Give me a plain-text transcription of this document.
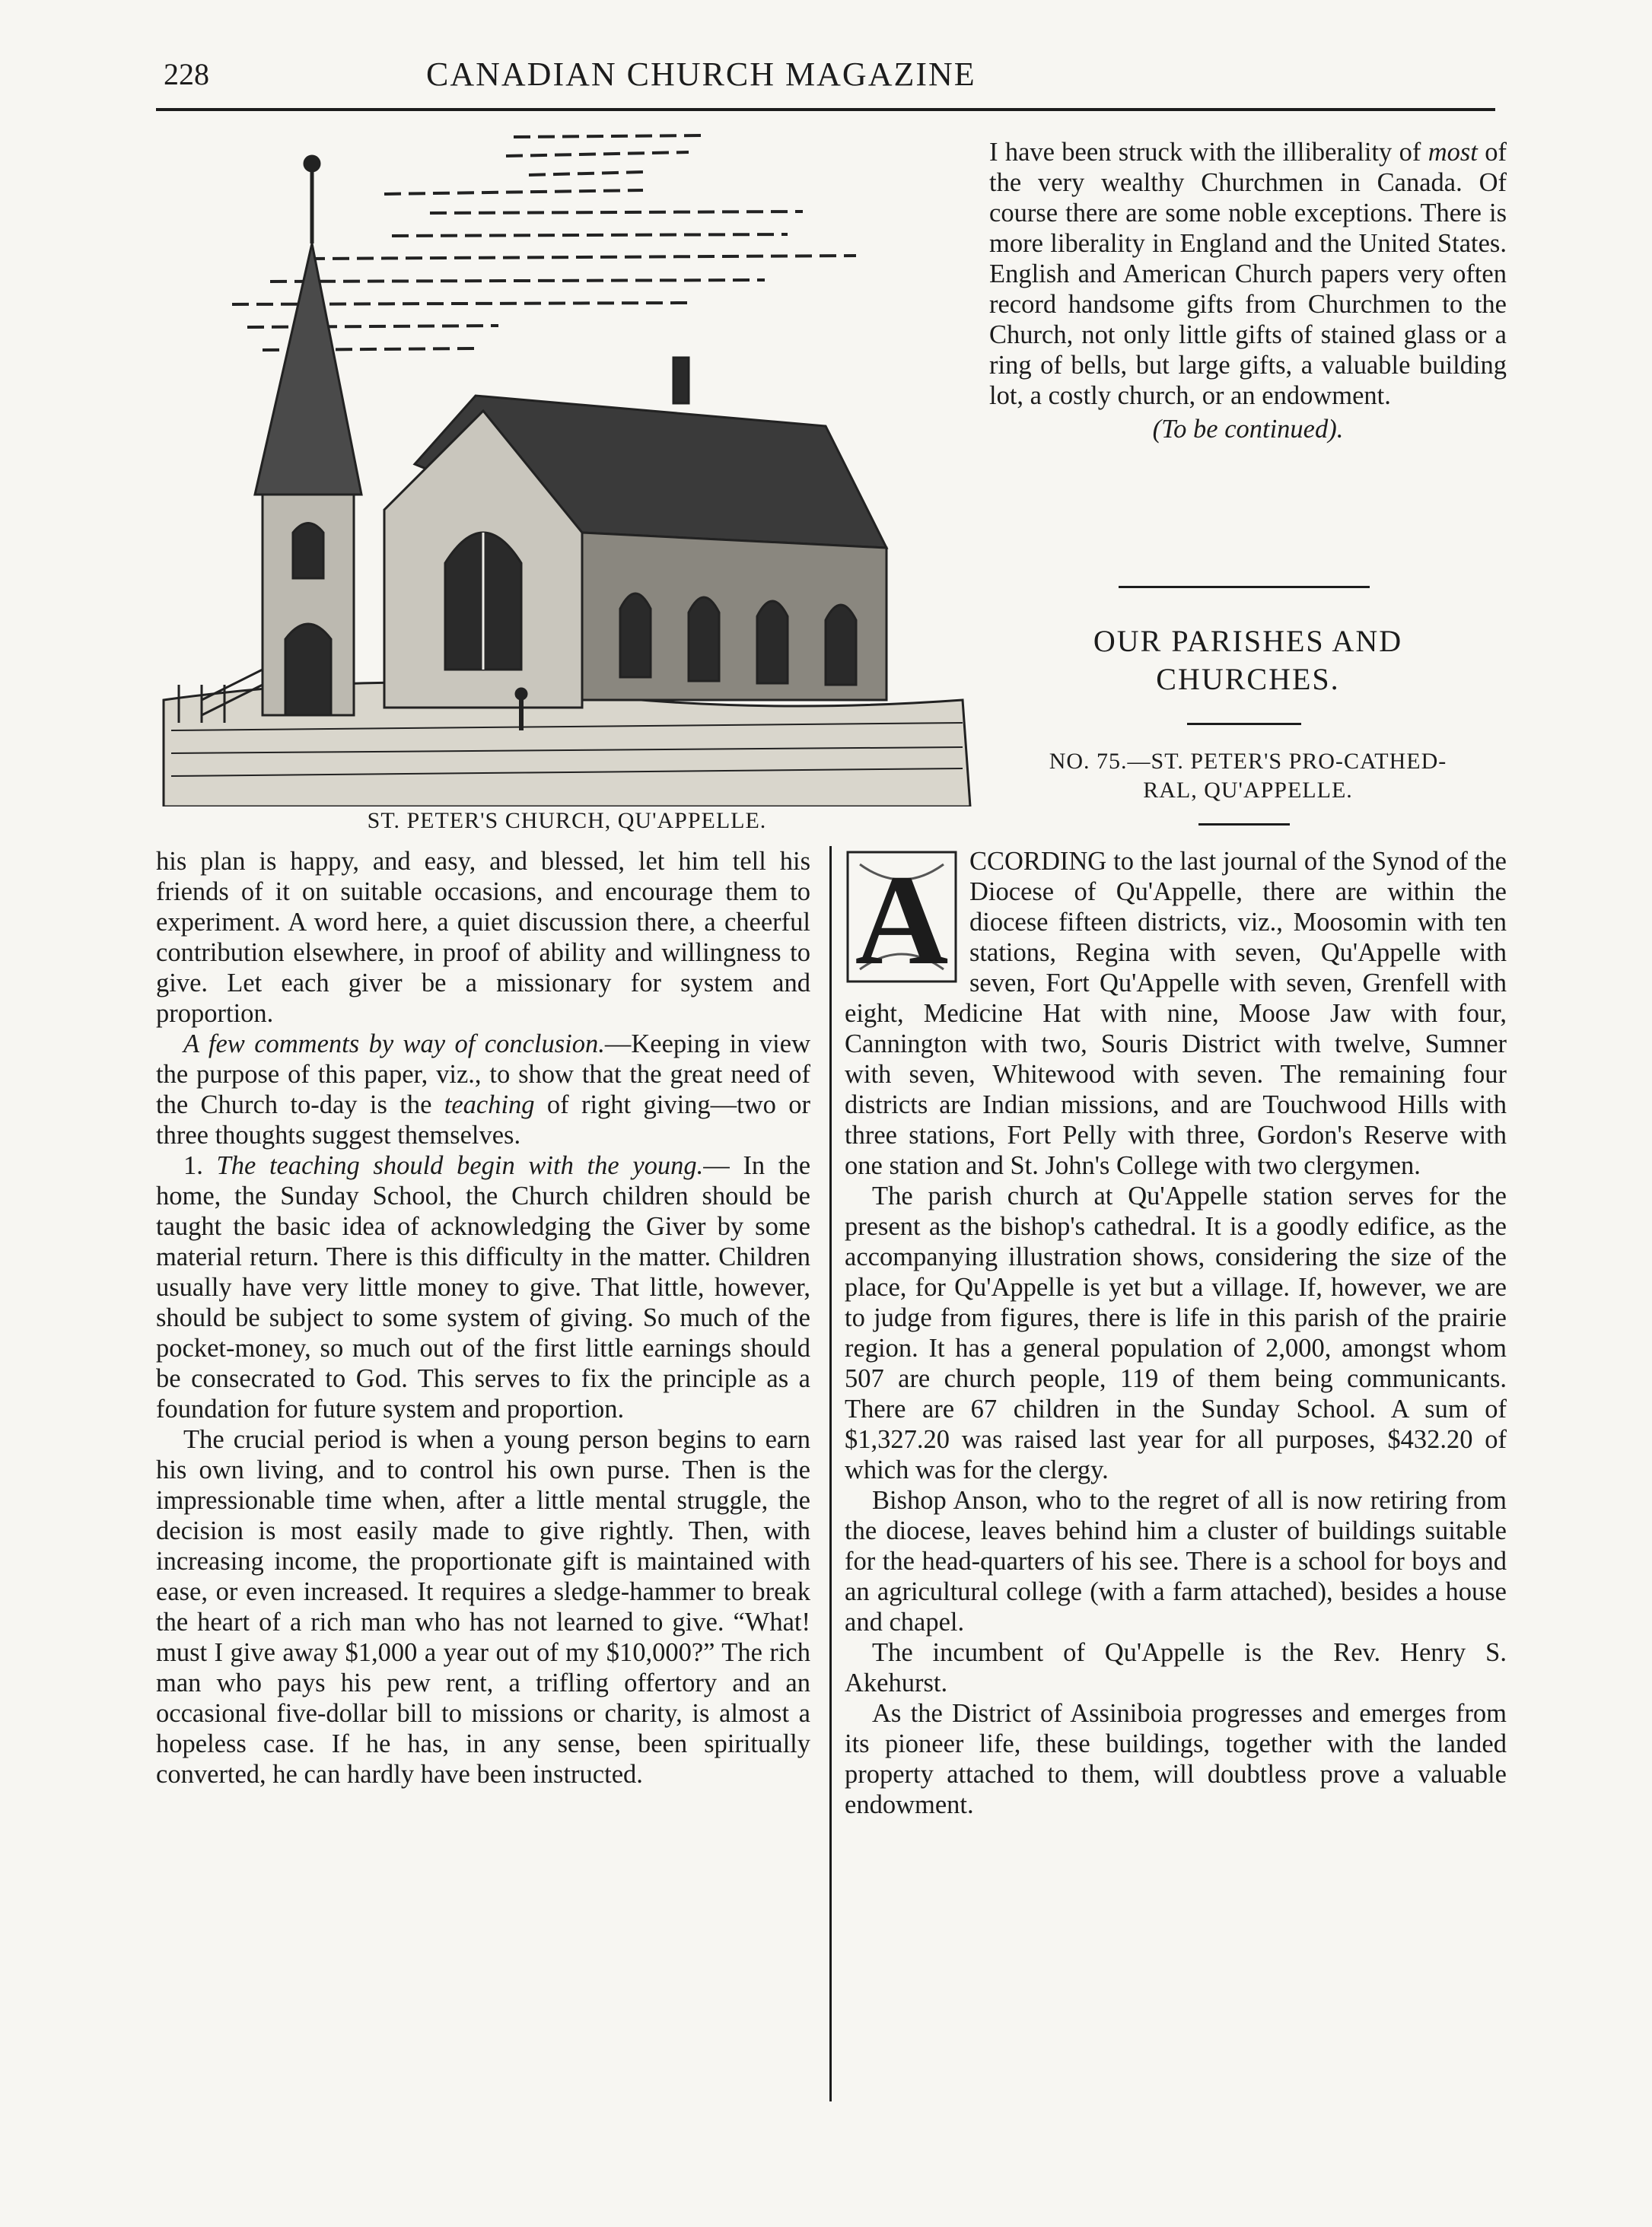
228	CANADIAN CHURCH MAGAZINE
ST. PETER'S CHURCH, QU'APPELLE.

I have been struck with the illiberality of most of the very wealthy Churchmen in Canada. Of course there are some noble exceptions. There is more liberality in England and the United States. English and American Church papers very often record handsome gifts from Churchmen to the Church, not only little gifts of stained glass or a ring of bells, but large gifts, a valuable building lot, a costly church, or an endowment.

(To be continued).

OUR PARISHES AND
CHURCHES.
NO. 75.—ST. PETER'S PRO-CATHED-
RAL, QU'APPELLE.

his plan is happy, and easy, and blessed, let him tell his friends of it on suitable occasions, and encourage them to experiment. A word here, a quiet discussion there, a cheerful contribution elsewhere, in proof of ability and willingness to give. Let each giver be a missionary for system and proportion.

A few comments by way of conclusion.—Keeping in view the purpose of this paper, viz., to show that the great need of the Church to-day is the teaching of right giving—two or three thoughts suggest themselves.

1. The teaching should begin with the young.— In the home, the Sunday School, the Church children should be taught the basic idea of acknowledging the Giver by some material return. There is this difficulty in the matter. Children usually have very little money to give. That little, however, should be subject to some system of giving. So much of the pocket-money, so much out of the first little earnings should be consecrated to God. This serves to fix the principle as a foundation for future system and proportion.

The crucial period is when a young person begins to earn his own living, and to control his own purse. Then is the impressionable time when, after a little mental struggle, the decision is most easily made to give rightly. Then, with increasing income, the proportionate gift is maintained with ease, or even increased. It requires a sledge-hammer to break the heart of a rich man who has not learned to give. “What! must I give away $1,000 a year out of my $10,000?” The rich man who pays his pew rent, a trifling offertory and an occasional five-dollar bill to missions or charity, is almost a hopeless case. If he has, in any sense, been spiritually converted, he can hardly have been instructed.

A CCORDING to the last journal of the Synod of the Diocese of Qu'Appelle, there are within the diocese fifteen districts, viz., Moosomin with ten stations, Regina with seven, Qu'Appelle with seven, Fort Qu'Appelle with seven, Grenfell with eight, Medicine Hat with nine, Moose Jaw with four, Cannington with two, Souris District with twelve, Sumner with seven, Whitewood with seven. The remaining four districts are Indian missions, and are Touchwood Hills with three stations, Fort Pelly with three, Gordon's Reserve with one station and St. John's College with two clergymen.

The parish church at Qu'Appelle station serves for the present as the bishop's cathedral. It is a goodly edifice, as the accompanying illustration shows, considering the size of the place, for Qu'Appelle is yet but a village. If, however, we are to judge from figures, there is life in this parish of the prairie region. It has a general population of 2,000, amongst whom 507 are church people, 119 of them being communicants. There are 67 children in the Sunday School. A sum of $1,327.20 was raised last year for all purposes, $432.20 of which was for the clergy.

Bishop Anson, who to the regret of all is now retiring from the diocese, leaves behind him a cluster of buildings suitable for the head-quarters of his see. There is a school for boys and an agricultural college (with a farm attached), besides a house and chapel.

The incumbent of Qu'Appelle is the Rev. Henry S. Akehurst.

As the District of Assiniboia progresses and emerges from its pioneer life, these buildings, together with the landed property attached to them, will doubtless prove a valuable endowment.
